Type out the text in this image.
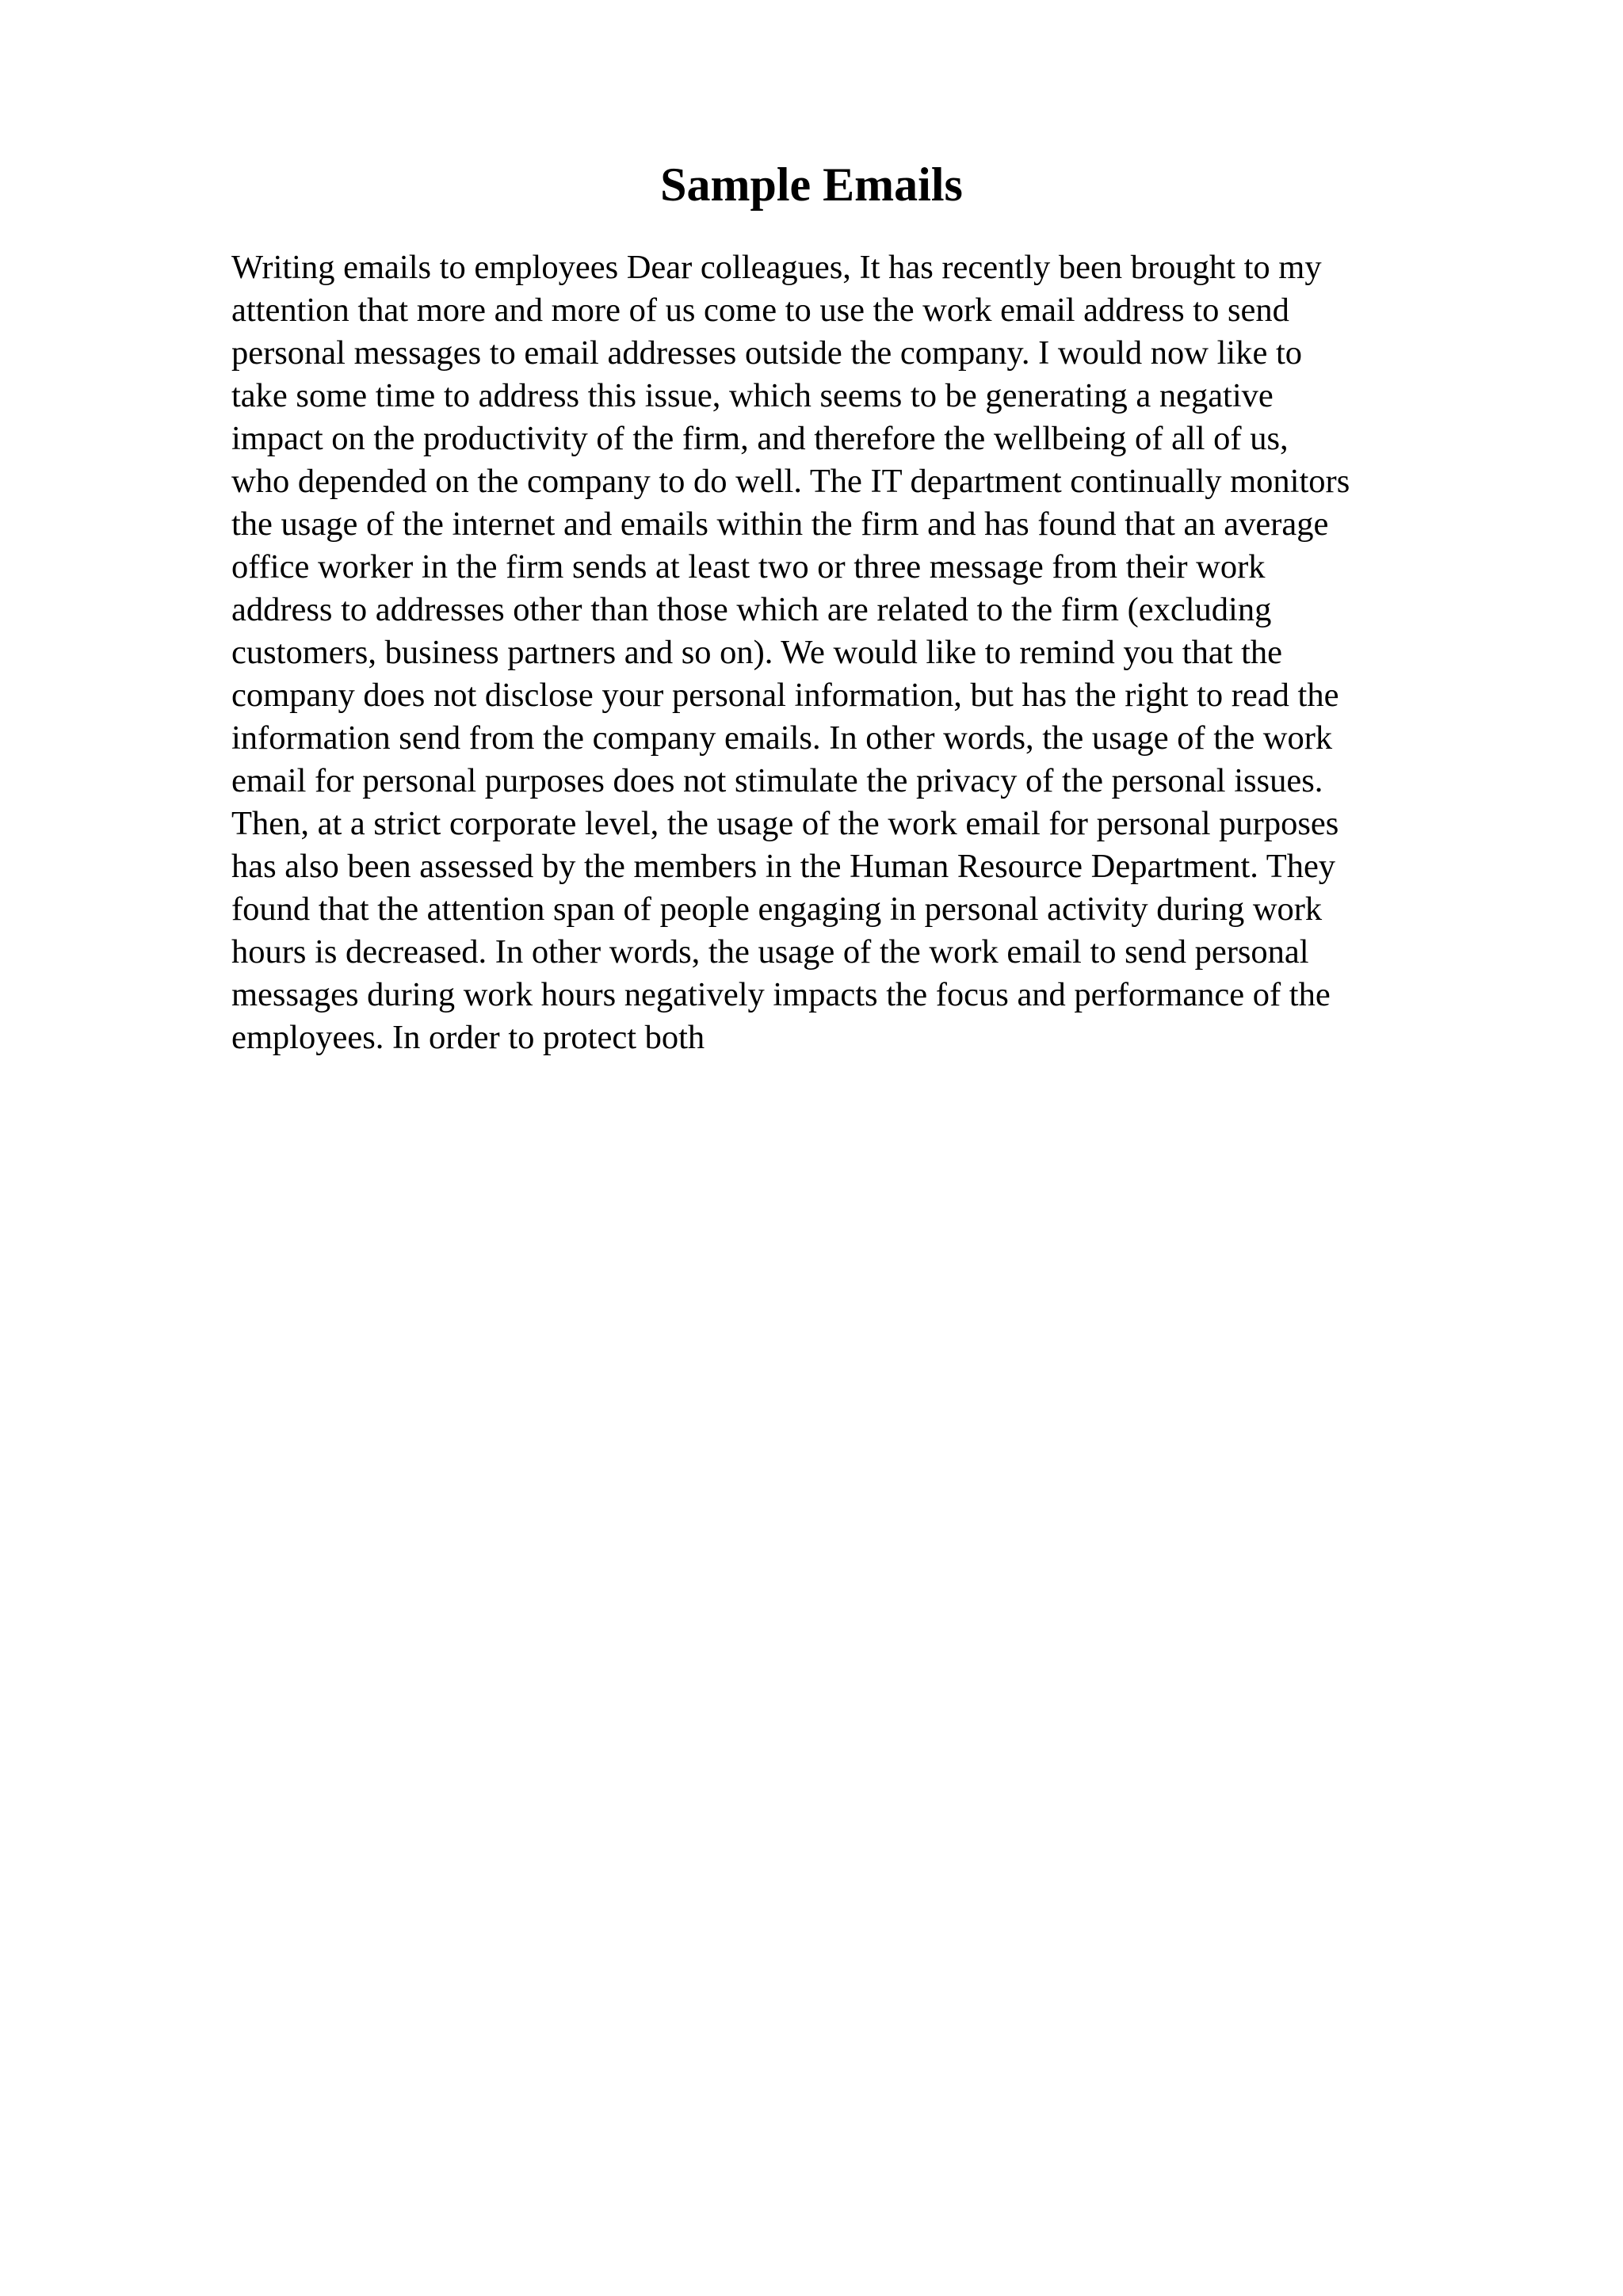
Sample Emails
Writing emails to employees Dear colleagues, It has recently been brought to my
attention that more and more of us come to use the work email address to send
personal messages to email addresses outside the company. I would now like to
take some time to address this issue, which seems to be generating a negative
impact on the productivity of the firm, and therefore the wellbeing of all of us,
who depended on the company to do well. The IT department continually monitors
the usage of the internet and emails within the firm and has found that an average
office worker in the firm sends at least two or three message from their work
address to addresses other than those which are related to the firm (excluding
customers, business partners and so on). We would like to remind you that the
company does not disclose your personal information, but has the right to read the
information send from the company emails. In other words, the usage of the work
email for personal purposes does not stimulate the privacy of the personal issues.
Then, at a strict corporate level, the usage of the work email for personal purposes
has also been assessed by the members in the Human Resource Department. They
found that the attention span of people engaging in personal activity during work
hours is decreased. In other words, the usage of the work email to send personal
messages during work hours negatively impacts the focus and performance of the
employees. In order to protect both
